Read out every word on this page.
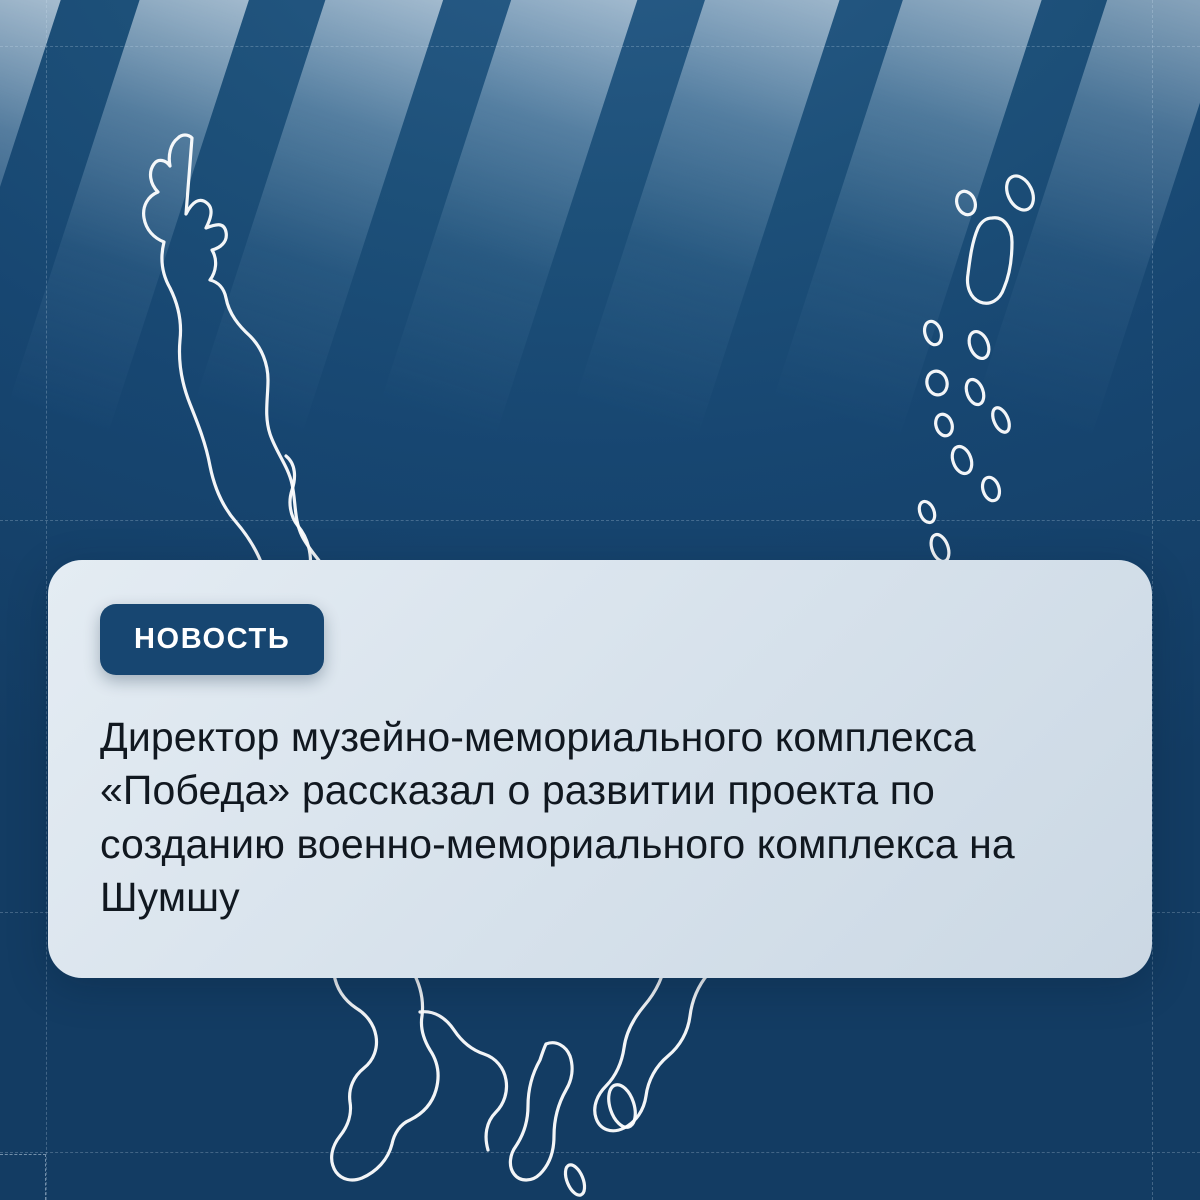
НОВОСТЬ

Директор музейно-мемориального комплекса «Победа» рассказал о развитии проекта по созданию военно-мемориального комплекса на Шумшу
